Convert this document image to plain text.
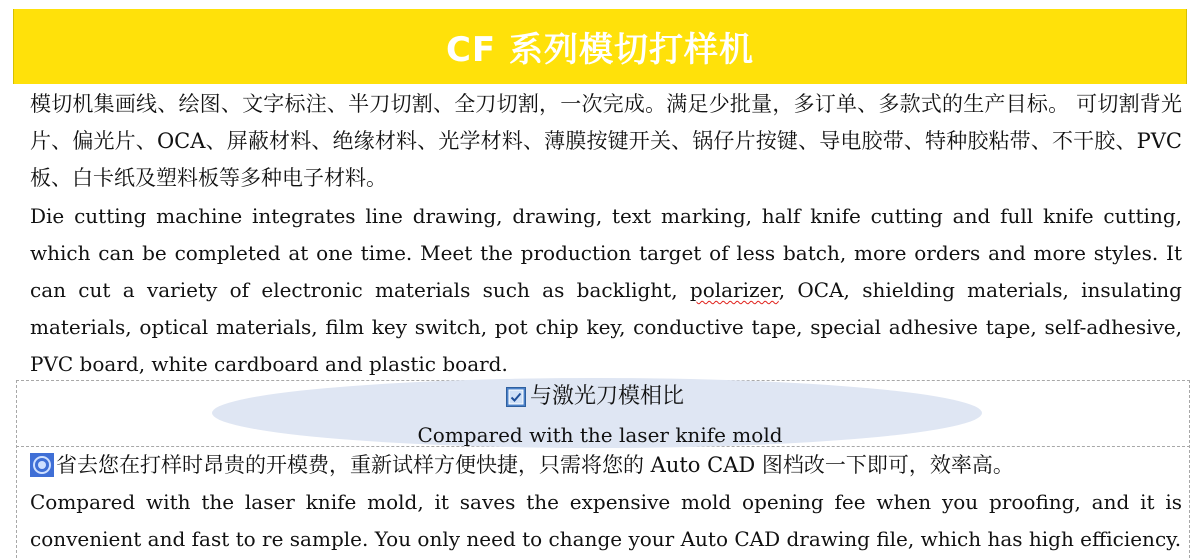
CF 系列模切打样机
模切机集画线、绘图、文字标注、半刀切割、全刀切割，一次完成。满足少批量，多订单、多款式的生产目标。 可切割背光片、偏光片、OCA、屏蔽材料、绝缘材料、光学材料、薄膜按键开关、锅仔片按键、导电胶带、特种胶粘带、不干胶、PVC 板、白卡纸及塑料板等多种电子材料。
Die cutting machine integrates line drawing, drawing, text marking, half knife cutting and full knife cutting, which can be completed at one time. Meet the production target of less batch, more orders and more styles. It can cut a variety of electronic materials such as backlight, polarizer, OCA, shielding materials, insulating materials, optical materials, film key switch, pot chip key, conductive tape, special adhesive tape, self-adhesive, PVC board, white cardboard and plastic board.
与激光刀模相比
Compared with the laser knife mold
省去您在打样时昂贵的开模费，重新试样方便快捷，只需将您的 Auto CAD 图档改一下即可，效率高。
Compared with the laser knife mold, it saves the expensive mold opening fee when you proofing, and it is
convenient and fast to re sample. You only need to change your Auto CAD drawing file, which has high efficiency.
